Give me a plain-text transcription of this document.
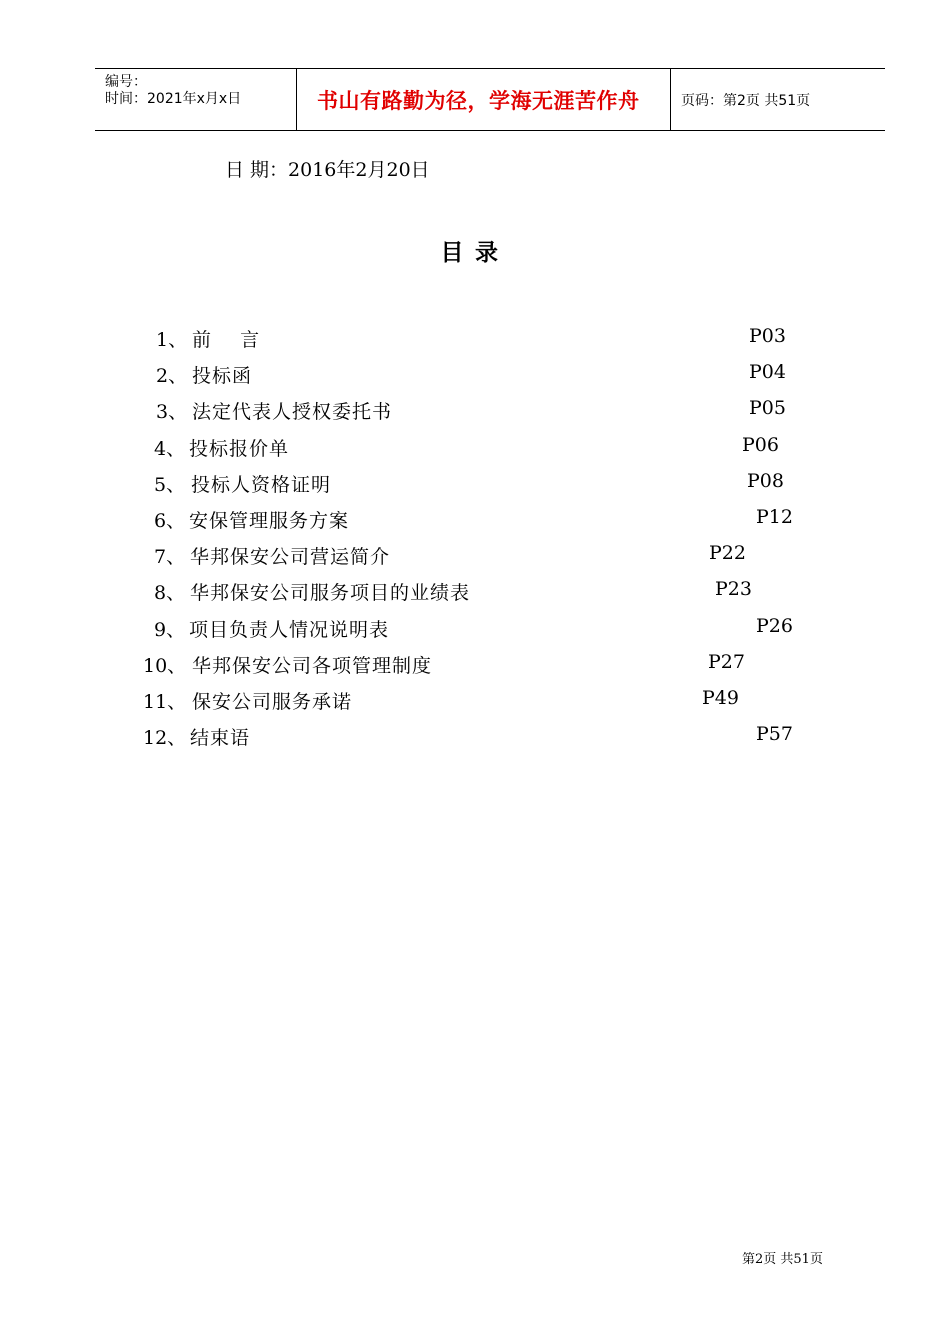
编号：
时间：2021年x月x日	书山有路勤为径，学海无涯苦作舟	页码：第2页 共51页
日 期：2016年2月20日
目录
1、 前    言	P03
2、 投标函	P04
3、 法定代表人授权委托书	P05
4、 投标报价单	P06
5、 投标人资格证明	P08
6、 安保管理服务方案	P12
7、 华邦保安公司营运简介	P22
8、 华邦保安公司服务项目的业绩表	P23
9、 项目负责人情况说明表	P26
10、 华邦保安公司各项管理制度	P27
11、 保安公司服务承诺	P49
12、 结束语	P57
第2页 共51页
